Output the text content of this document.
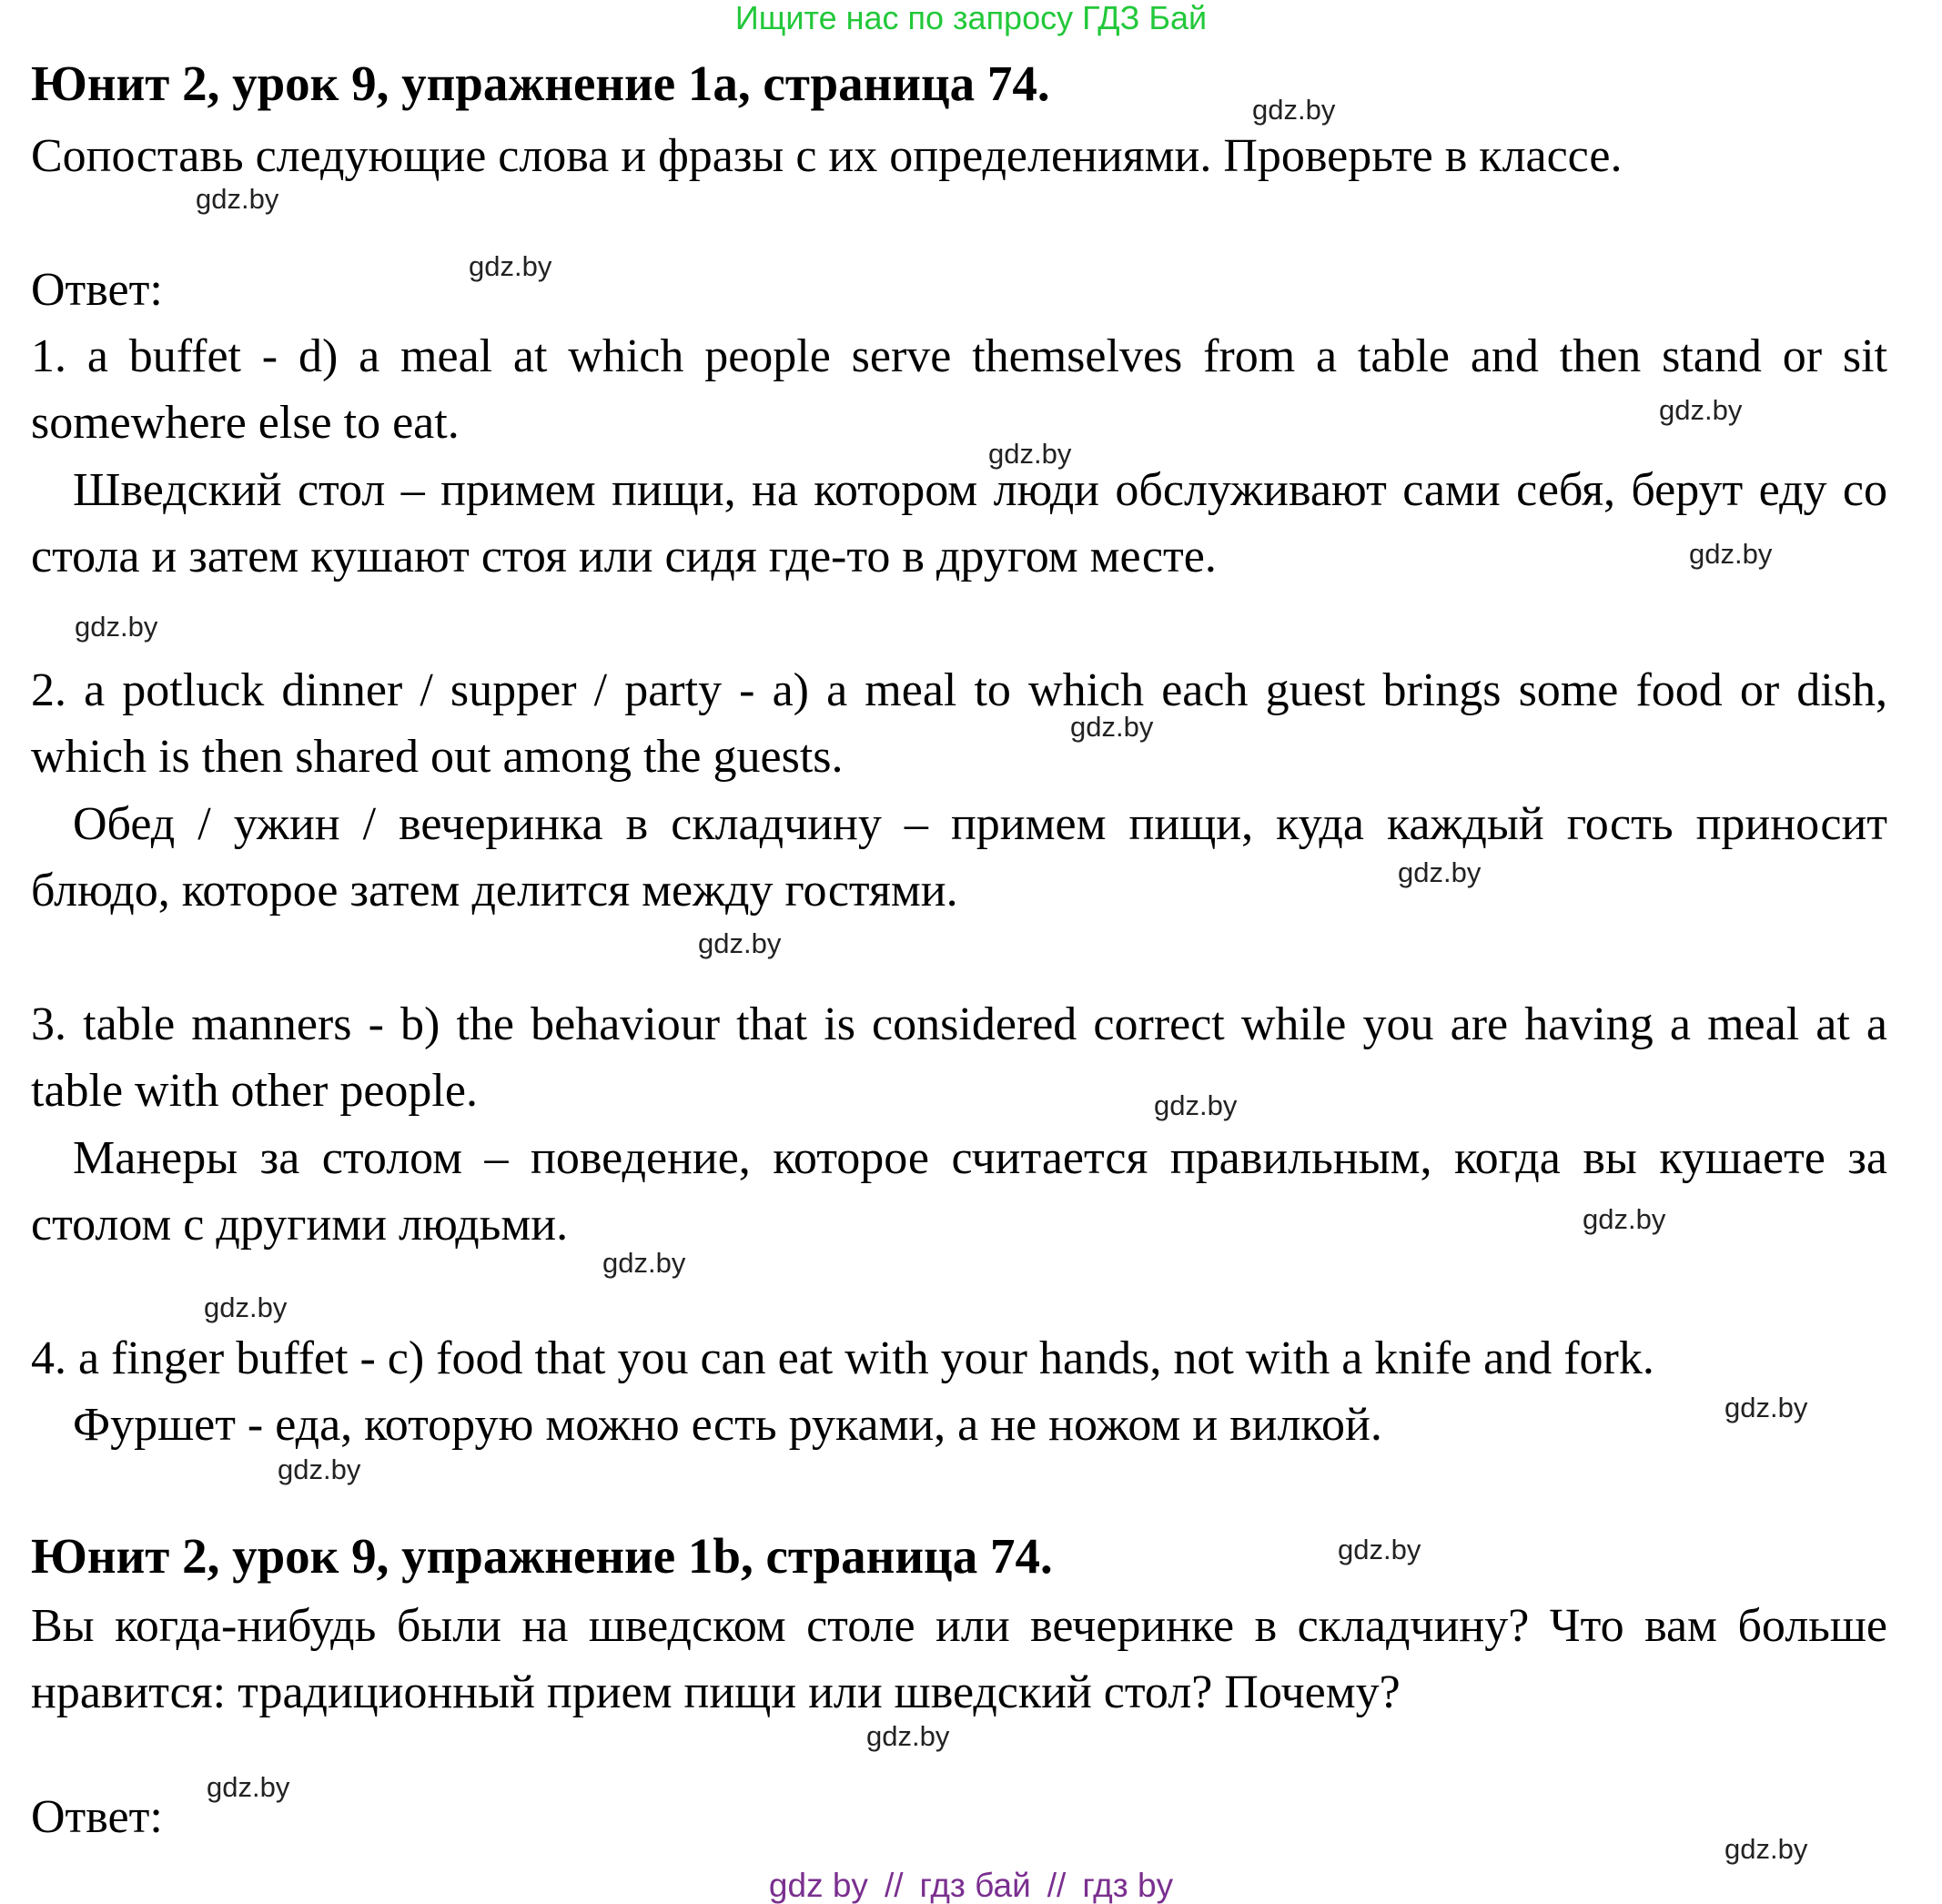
Ищите нас по запросу ГДЗ Бай
Юнит 2, урок 9, упражнение 1a, страница 74.
Сопоставь следующие слова и фразы с их определениями. Проверьте в классе.
Ответ:
1. a buffet - d) a meal at which people serve themselves from a table and then stand or sit somewhere else to eat.
Шведский стол – примем пищи, на котором люди обслуживают сами себя, берут еду со стола и затем кушают стоя или сидя где-то в другом месте.
2. a potluck dinner / supper / party - a) a meal to which each guest brings some food or dish, which is then shared out among the guests.
Обед / ужин / вечеринка в складчину – примем пищи, куда каждый гость приносит блюдо, которое затем делится между гостями.
3. table manners - b) the behaviour that is considered correct while you are having a meal at a table with other people.
Манеры за столом – поведение, которое считается правильным, когда вы кушаете за столом с другими людьми.
4. a finger buffet - c) food that you can eat with your hands, not with a knife and fork.
Фуршет - еда, которую можно есть руками, а не ножом и вилкой.
Юнит 2, урок 9, упражнение 1b, страница 74.
Вы когда-нибудь были на шведском столе или вечеринке в складчину? Что вам больше нравится: традиционный прием пищи или шведский стол? Почему?
Ответ:
gdz.by
gdz.by
gdz.by
gdz.by
gdz.by
gdz.by
gdz.by
gdz.by
gdz.by
gdz.by
gdz.by
gdz.by
gdz.by
gdz.by
gdz.by
gdz.by
gdz.by
gdz.by
gdz.by
gdz.by
gdz by // гдз бай // гдз by
